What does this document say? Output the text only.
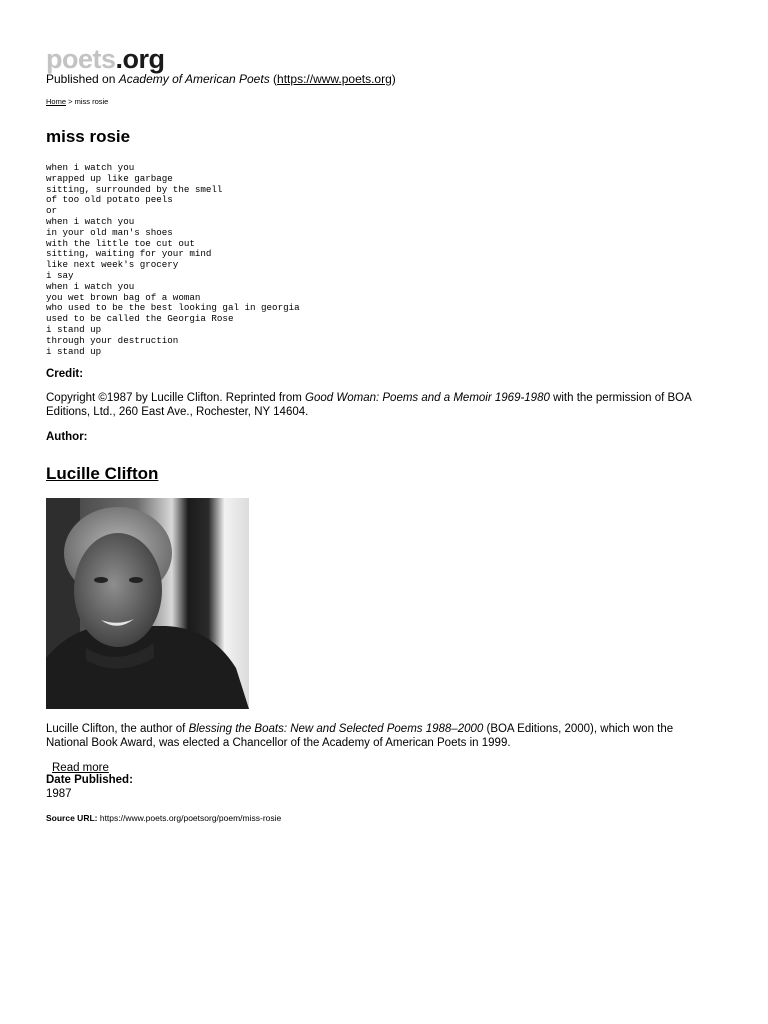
poets.org
Published on Academy of American Poets (https://www.poets.org)
Home > miss rosie
miss rosie
when i watch you
wrapped up like garbage
sitting, surrounded by the smell
of too old potato peels
or
when i watch you
in your old man's shoes
with the little toe cut out
sitting, waiting for your mind
like next week's grocery
i say
when i watch you
you wet brown bag of a woman
who used to be the best looking gal in georgia
used to be called the Georgia Rose
i stand up
through your destruction
i stand up
Credit:
Copyright ©1987 by Lucille Clifton. Reprinted from Good Woman: Poems and a Memoir 1969-1980 with the permission of BOA Editions, Ltd., 260 East Ave., Rochester, NY 14604.
Author:
Lucille Clifton
Lucille Clifton, the author of Blessing the Boats: New and Selected Poems 1988–2000 (BOA Editions, 2000), which won the National Book Award, was elected a Chancellor of the Academy of American Poets in 1999.
Read more
Date Published:
1987
Source URL: https://www.poets.org/poetsorg/poem/miss-rosie
